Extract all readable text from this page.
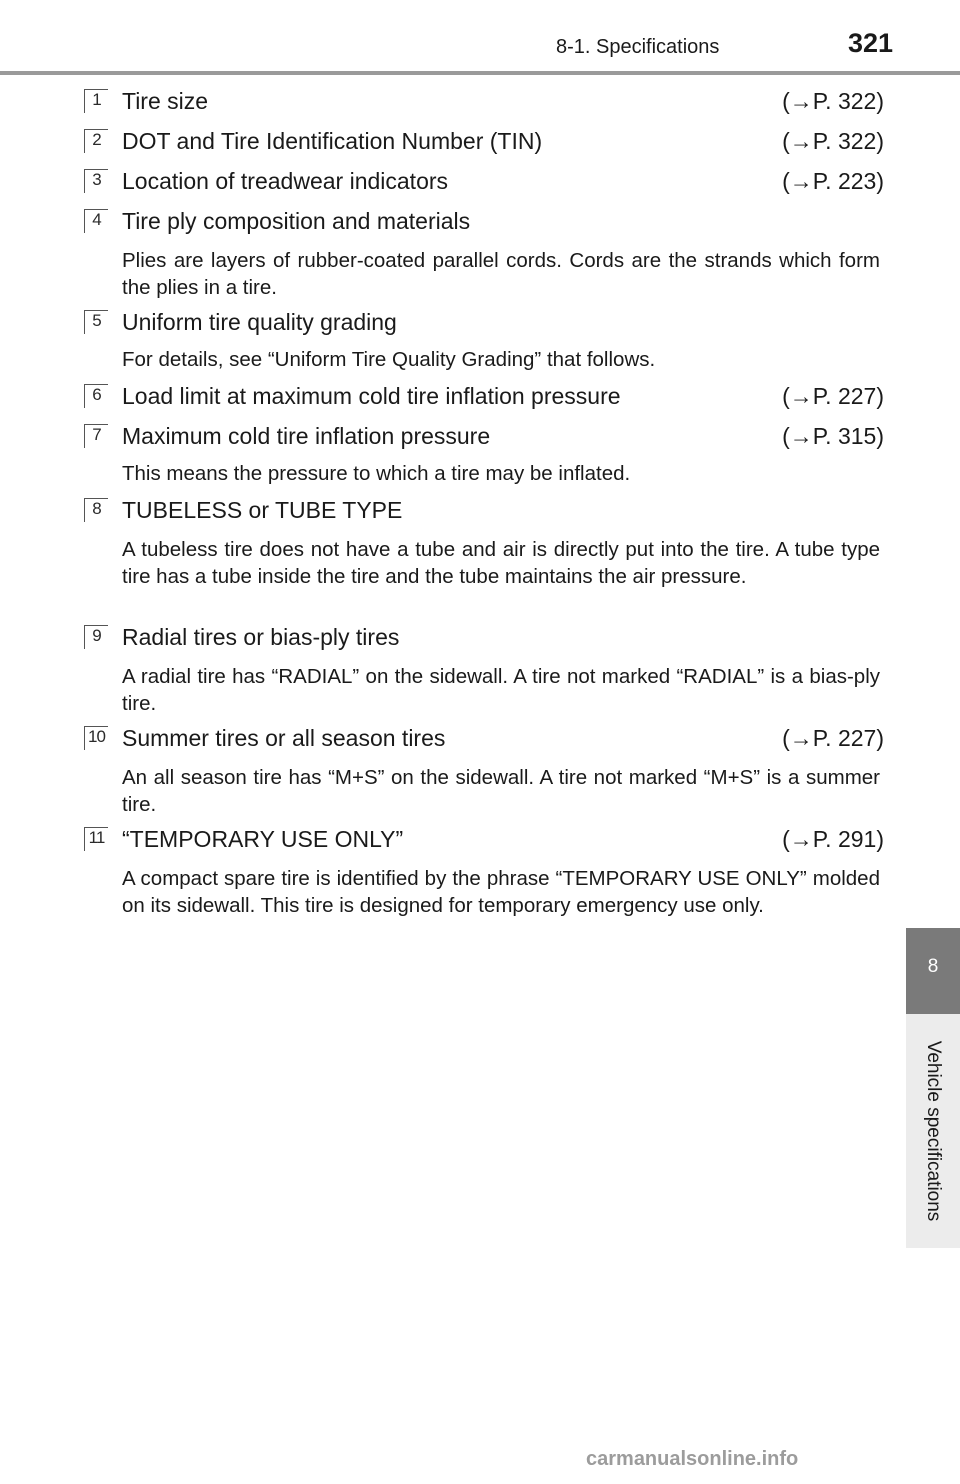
8-1. Specifications	321
8
Vehicle specifications
1 Tire size	(→P. 322)
2 DOT and Tire Identification Number (TIN)	(→P. 322)
3 Location of treadwear indicators	(→P. 223)
4 Tire ply composition and materials
Plies are layers of rubber-coated parallel cords. Cords are the strands which form the plies in a tire.
5 Uniform tire quality grading
For details, see “Uniform Tire Quality Grading” that follows.
6 Load limit at maximum cold tire inflation pressure	(→P. 227)
7 Maximum cold tire inflation pressure	(→P. 315)
This means the pressure to which a tire may be inflated.
8 TUBELESS or TUBE TYPE
A tubeless tire does not have a tube and air is directly put into the tire. A tube type tire has a tube inside the tire and the tube maintains the air pressure.
9 Radial tires or bias-ply tires
A radial tire has “RADIAL” on the sidewall. A tire not marked “RADIAL” is a bias-ply tire.
10 Summer tires or all season tires	(→P. 227)
An all season tire has “M+S” on the sidewall. A tire not marked “M+S” is a summer tire.
11 “TEMPORARY USE ONLY”	(→P. 291)
A compact spare tire is identified by the phrase “TEMPORARY USE ONLY” molded on its sidewall. This tire is designed for temporary emergency use only.
carmanualsonline.info
